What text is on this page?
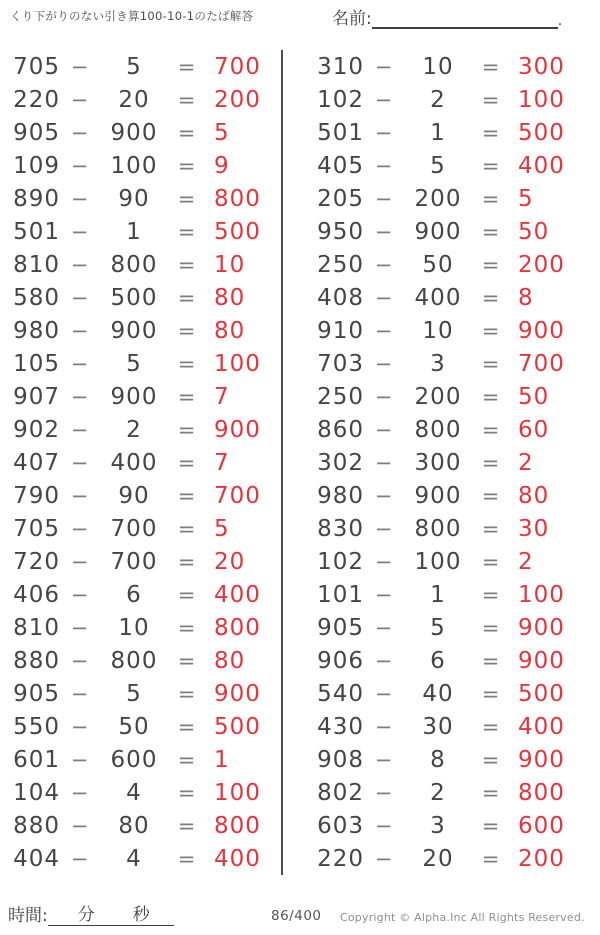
くり下がりのない引き算100-10-1のたば解答	名前:	.
705 −	5	= 700
220 −	20	= 200
905 − 900 = 5
109 − 100 = 9
890 −	90	= 800
501 −	1	= 500
810 − 800 = 10
580 − 500 = 80
980 − 900 = 80
105 −	5	= 100
907 − 900 = 7
902 −	2	= 900
407 − 400 = 7
790 −	90	= 700
705 − 700 = 5
720 − 700 = 20
406 −	6	= 400
810 −	10	= 800
880 − 800 = 80
905 −	5	= 900
550 −	50	= 500
601 − 600 = 1
104 −	4	= 100
880 −	80	= 800
404 −	4	= 400
310 −	10	= 300
102 −	2	= 100
501 −	1	= 500
405 −	5	= 400
205 − 200 = 5
950 − 900 = 50
250 −	50	= 200
408 − 400 = 8
910 −	10	= 900
703 −	3	= 700
250 − 200 = 50
860 − 800 = 60
302 − 300 = 2
980 − 900 = 80
830 − 800 = 30
102 − 100 = 2
101 −	1	= 100
905 −	5	= 900
906 −	6	= 900
540 −	40	= 500
430 −	30	= 400
908 −	8	= 900
802 −	2	= 800
603 −	3	= 600
220 −	20	= 200
時間: 分 秒	86/400 Copyright © Alpha.Inc All Rights Reserved.
